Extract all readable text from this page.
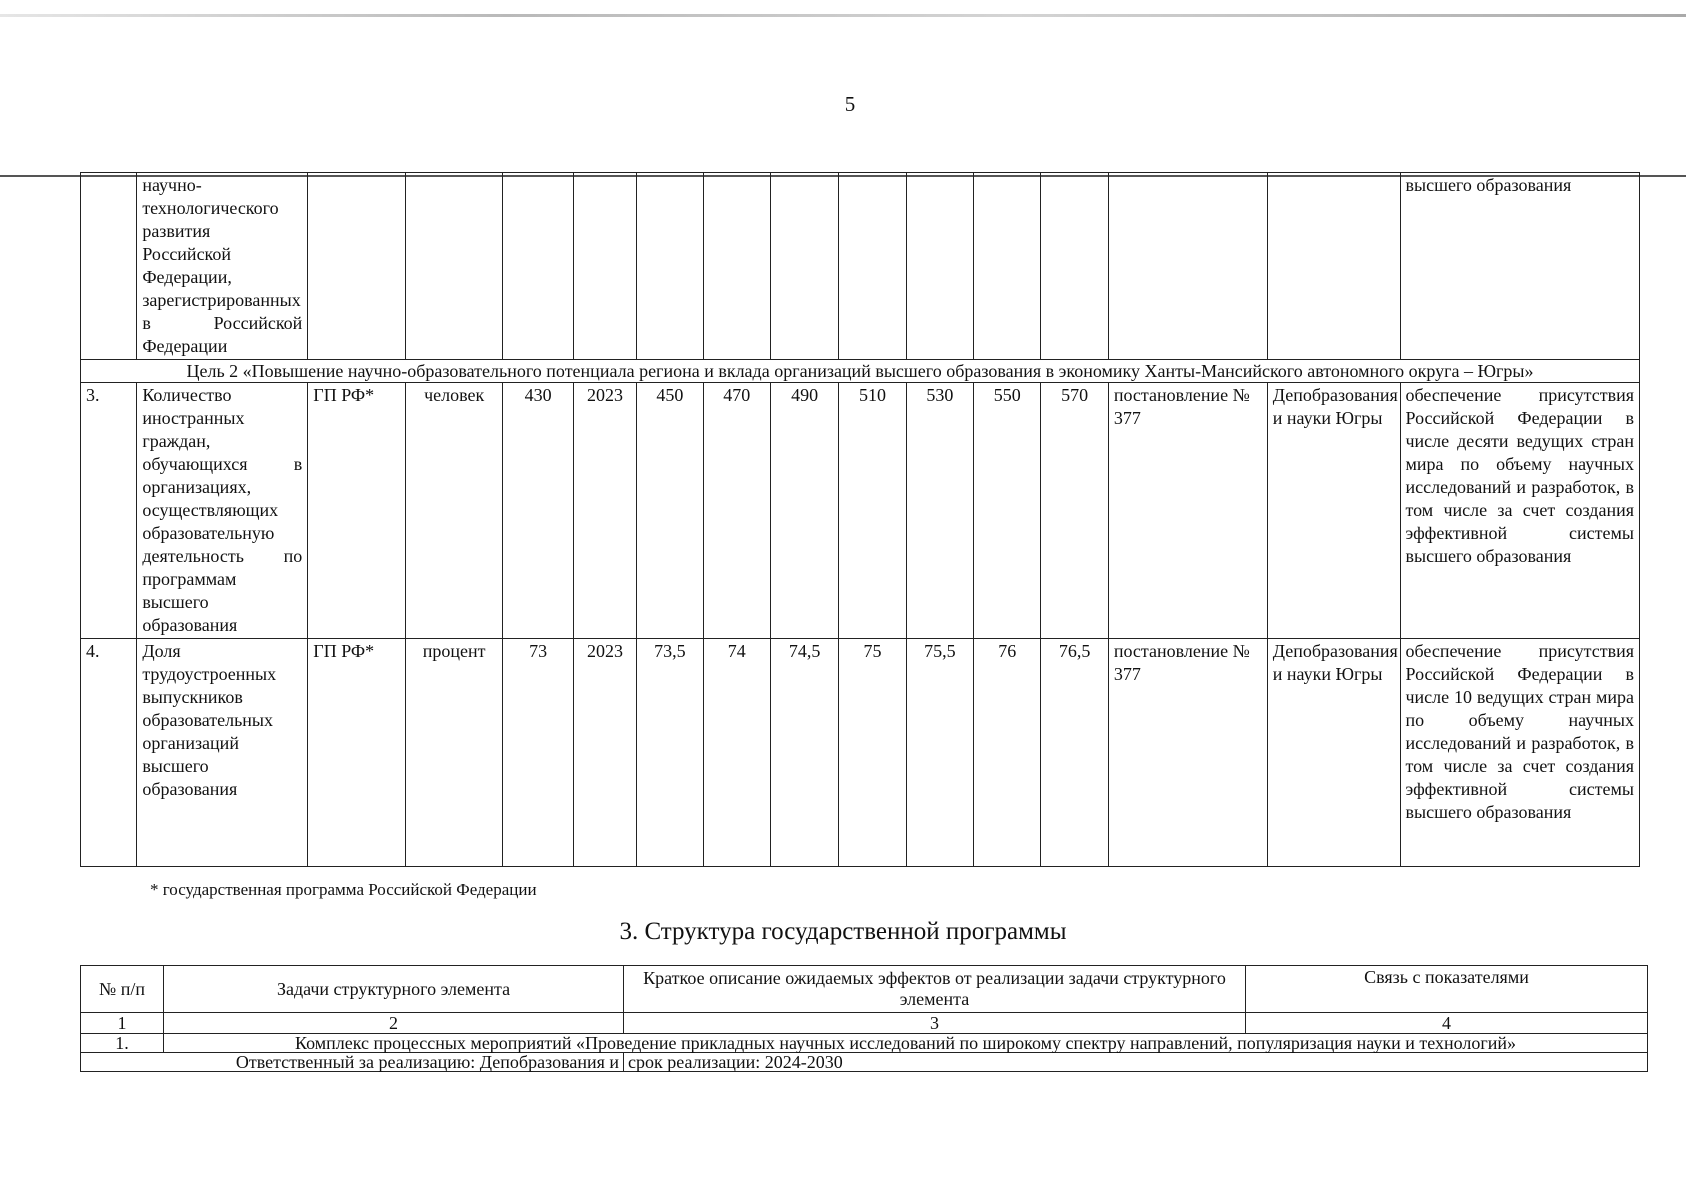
5
	научно-технологического развития Российской Федерации, зарегистрированных в Российской Федерации														высшего образования
Цель 2 «Повышение научно-образовательного потенциала региона и вклада организаций высшего образования в экономику Ханты-Мансийского автономного округа – Югры»															
3.	Количество иностранных граждан, обучающихся в организациях, осуществляющих образовательную деятельность по программам высшего образования	ГП РФ*	человек	430	2023	450	470	490	510	530	550	570	постановление № 377	Депобразования и науки Югры	обеспечение присутствия Российской Федерации в числе десяти ведущих стран мира по объему научных исследований и разработок, в том числе за счет создания эффективной системы высшего образования
4.	Доля трудоустроенных выпускников образовательных организаций высшего образования	ГП РФ*	процент	73	2023	73,5	74	74,5	75	75,5	76	76,5	постановление № 377	Депобразования и науки Югры	обеспечение присутствия Российской Федерации в числе 10 ведущих стран мира по объему научных исследований и разработок, в том числе за счет создания эффективной системы высшего образования
* государственная программа Российской Федерации
3. Структура государственной программы
№ п/п	Задачи структурного элемента	Краткое описание ожидаемых эффектов от реализации задачи структурного элемента	Связь с показателями
1	2	3	4
1.	Комплекс процессных мероприятий «Проведение прикладных научных исследований по широкому спектру направлений, популяризация науки и технологий»		
Ответственный за реализацию: Депобразования и		срок реализации: 2024-2030	
